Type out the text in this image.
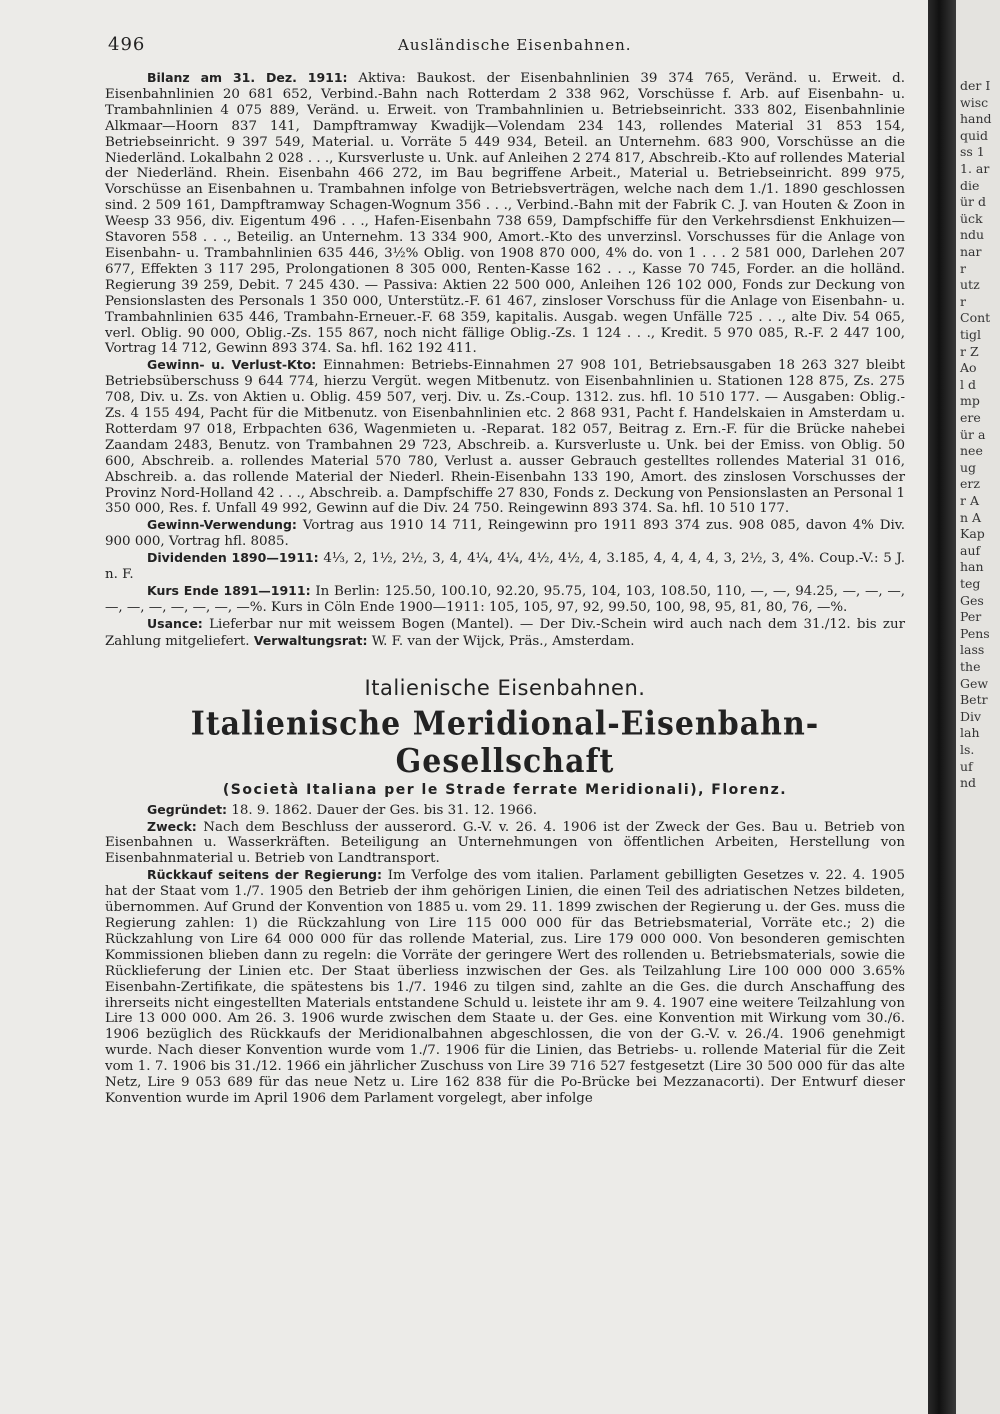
496	Ausländische Eisenbahnen.

Bilanz am 31. Dez. 1911: Aktiva: Baukost. der Eisenbahnlinien 39 374 765, Veränd. u. Erweit. d. Eisenbahnlinien 20 681 652, Verbind.-Bahn nach Rotterdam 2 338 962, Vorschüsse f. Arb. auf Eisenbahn- u. Trambahnlinien 4 075 889, Veränd. u. Erweit. von Trambahnlinien u. Betriebseinricht. 333 802, Eisenbahnlinie Alkmaar—Hoorn 837 141, Dampftramway Kwadijk—Volendam 234 143, rollendes Material 31 853 154, Betriebseinricht. 9 397 549, Material. u. Vorräte 5 449 934, Beteil. an Unternehm. 683 900, Vorschüsse an die Niederländ. Lokalbahn 2 028 . . ., Kursverluste u. Unk. auf Anleihen 2 274 817, Abschreib.-Kto auf rollendes Material der Niederländ. Rhein. Eisenbahn 466 272, im Bau begriffene Arbeit., Material u. Betriebseinricht. 899 975, Vorschüsse an Eisenbahnen u. Trambahnen infolge von Betriebsverträgen, welche nach dem 1./1. 1890 geschlossen sind. 2 509 161, Dampftramway Schagen-Wognum 356 . . ., Verbind.-Bahn mit der Fabrik C. J. van Houten & Zoon in Weesp 33 956, div. Eigentum 496 . . ., Hafen-Eisenbahn 738 659, Dampfschiffe für den Verkehrsdienst Enkhuizen—Stavoren 558 . . ., Beteilig. an Unternehm. 13 334 900, Amort.-Kto des unverzinsl. Vorschusses für die Anlage von Eisenbahn- u. Trambahnlinien 635 446, 3½% Oblig. von 1908 870 000, 4% do. von 1 . . . 2 581 000, Darlehen 207 677, Effekten 3 117 295, Prolongationen 8 305 000, Renten-Kasse 162 . . ., Kasse 70 745, Forder. an die holländ. Regierung 39 259, Debit. 7 245 430. — Passiva: Aktien 22 500 000, Anleihen 126 102 000, Fonds zur Deckung von Pensionslasten des Personals 1 350 000, Unterstütz.-F. 61 467, zinsloser Vorschuss für die Anlage von Eisenbahn- u. Trambahnlinien 635 446, Trambahn-Erneuer.-F. 68 359, kapitalis. Ausgab. wegen Unfälle 725 . . ., alte Div. 54 065, verl. Oblig. 90 000, Oblig.-Zs. 155 867, noch nicht fällige Oblig.-Zs. 1 124 . . ., Kredit. 5 970 085, R.-F. 2 447 100, Vortrag 14 712, Gewinn 893 374. Sa. hfl. 162 192 411.

Gewinn- u. Verlust-Kto: Einnahmen: Betriebs-Einnahmen 27 908 101, Betriebsausgaben 18 263 327 bleibt Betriebsüberschuss 9 644 774, hierzu Vergüt. wegen Mitbenutz. von Eisenbahnlinien u. Stationen 128 875, Zs. 275 708, Div. u. Zs. von Aktien u. Oblig. 459 507, verj. Div. u. Zs.-Coup. 1312. zus. hfl. 10 510 177. — Ausgaben: Oblig.-Zs. 4 155 494, Pacht für die Mitbenutz. von Eisenbahnlinien etc. 2 868 931, Pacht f. Handelskaien in Amsterdam u. Rotterdam 97 018, Erbpachten 636, Wagenmieten u. -Reparat. 182 057, Beitrag z. Ern.-F. für die Brücke nahebei Zaandam 2483, Benutz. von Trambahnen 29 723, Abschreib. a. Kursverluste u. Unk. bei der Emiss. von Oblig. 50 600, Abschreib. a. rollendes Material 570 780, Verlust a. ausser Gebrauch gestelltes rollendes Material 31 016, Abschreib. a. das rollende Material der Niederl. Rhein-Eisenbahn 133 190, Amort. des zinslosen Vorschusses der Provinz Nord-Holland 42 . . ., Abschreib. a. Dampfschiffe 27 830, Fonds z. Deckung von Pensionslasten an Personal 1 350 000, Res. f. Unfall 49 992, Gewinn auf die Div. 24 750. Reingewinn 893 374. Sa. hfl. 10 510 177.

Gewinn-Verwendung: Vortrag aus 1910 14 711, Reingewinn pro 1911 893 374 zus. 908 085, davon 4% Div. 900 000, Vortrag hfl. 8085.

Dividenden 1890—1911: 4⅓, 2, 1½, 2½, 3, 4, 4¼, 4¼, 4½, 4½, 4, 3.185, 4, 4, 4, 4, 3, 2½, 3, 4%. Coup.-V.: 5 J. n. F.

Kurs Ende 1891—1911: In Berlin: 125.50, 100.10, 92.20, 95.75, 104, 103, 108.50, 110, —, —, 94.25, —, —, —, —, —, —, —, —, —, —%. Kurs in Cöln Ende 1900—1911: 105, 105, 97, 92, 99.50, 100, 98, 95, 81, 80, 76, —%.

Usance: Lieferbar nur mit weissem Bogen (Mantel). — Der Div.-Schein wird auch nach dem 31./12. bis zur Zahlung mitgeliefert. Verwaltungsrat: W. F. van der Wijck, Präs., Amsterdam.

Italienische Eisenbahnen.
Italienische Meridional-Eisenbahn-Gesellschaft
(Società Italiana per le Strade ferrate Meridionali), Florenz.

Gegründet: 18. 9. 1862. Dauer der Ges. bis 31. 12. 1966.

Zweck: Nach dem Beschluss der ausserord. G.-V. v. 26. 4. 1906 ist der Zweck der Ges. Bau u. Betrieb von Eisenbahnen u. Wasserkräften. Beteiligung an Unternehmungen von öffentlichen Arbeiten, Herstellung von Eisenbahnmaterial u. Betrieb von Landtransport.

Rückkauf seitens der Regierung: Im Verfolge des vom italien. Parlament gebilligten Gesetzes v. 22. 4. 1905 hat der Staat vom 1./7. 1905 den Betrieb der ihm gehörigen Linien, die einen Teil des adriatischen Netzes bildeten, übernommen. Auf Grund der Konvention von 1885 u. vom 29. 11. 1899 zwischen der Regierung u. der Ges. muss die Regierung zahlen: 1) die Rückzahlung von Lire 115 000 000 für das Betriebsmaterial, Vorräte etc.; 2) die Rückzahlung von Lire 64 000 000 für das rollende Material, zus. Lire 179 000 000. Von besonderen gemischten Kommissionen blieben dann zu regeln: die Vorräte der geringere Wert des rollenden u. Betriebsmaterials, sowie die Rücklieferung der Linien etc. Der Staat überliess inzwischen der Ges. als Teilzahlung Lire 100 000 000 3.65% Eisenbahn-Zertifikate, die spätestens bis 1./7. 1946 zu tilgen sind, zahlte an die Ges. die durch Anschaffung des ihrerseits nicht eingestellten Materials entstandene Schuld u. leistete ihr am 9. 4. 1907 eine weitere Teilzahlung von Lire 13 000 000. Am 26. 3. 1906 wurde zwischen dem Staate u. der Ges. eine Konvention mit Wirkung vom 30./6. 1906 bezüglich des Rückkaufs der Meridionalbahnen abgeschlossen, die von der G.-V. v. 26./4. 1906 genehmigt wurde. Nach dieser Konvention wurde vom 1./7. 1906 für die Linien, das Betriebs- u. rollende Material für die Zeit vom 1. 7. 1906 bis 31./12. 1966 ein jährlicher Zuschuss von Lire 39 716 527 festgesetzt (Lire 30 500 000 für das alte Netz, Lire 9 053 689 für das neue Netz u. Lire 162 838 für die Po-Brücke bei Mezzanacorti). Der Entwurf dieser Konvention wurde im April 1906 dem Parlament vorgelegt, aber infolge

der I
wisc
hand
quid
ss 1
1. ar
die
ür d
ück
ndu
nar
r
utz
r
Cont
tigl
r Z
Ao
l d
mp
ere
ür a
nee
ug
erz
r A
n A
Kap
auf
han
teg
Ges
Per
Pens
lass
the
Gew
Betr
Div
lah
ls.
uf
nd
